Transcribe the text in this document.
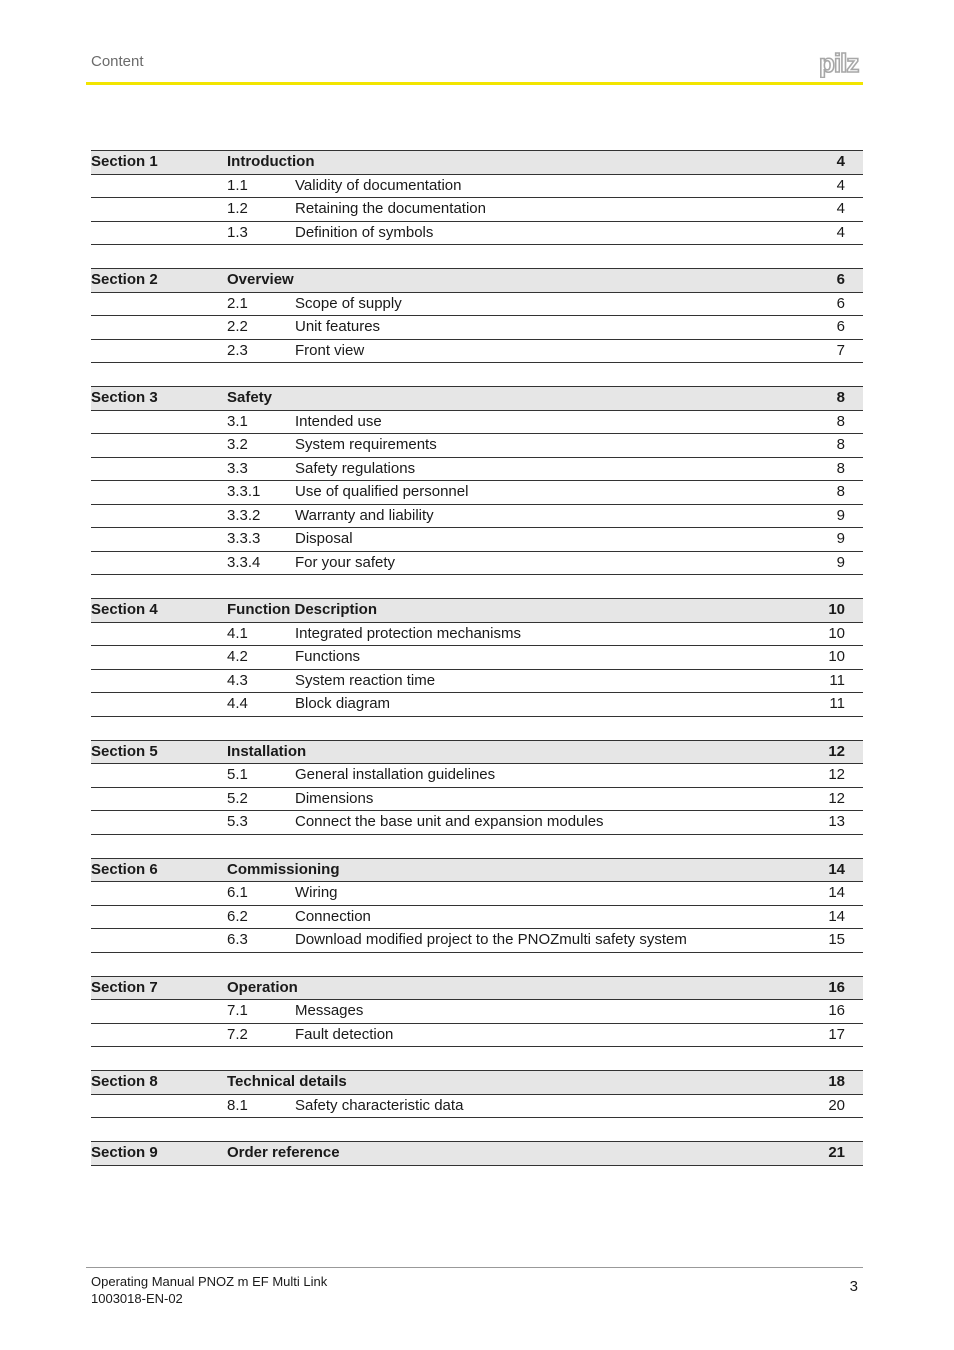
Content	pilz
Section 1	Introduction	4
1.1	Validity of documentation	4
1.2	Retaining the documentation	4
1.3	Definition of symbols	4
Section 2	Overview	6
2.1	Scope of supply	6
2.2	Unit features	6
2.3	Front view	7
Section 3	Safety	8
3.1	Intended use	8
3.2	System requirements	8
3.3	Safety regulations	8
3.3.1 Use of qualified personnel	8
3.3.2 Warranty and liability	9
3.3.3 Disposal	9
3.3.4 For your safety	9
Section 4	Function Description	10
4.1	Integrated protection mechanisms	10
4.2	Functions	10
4.3	System reaction time	11
4.4	Block diagram	11
Section 5	Installation	12
5.1	General installation guidelines	12
5.2	Dimensions	12
5.3	Connect the base unit and expansion modules	13
Section 6	Commissioning	14
6.1	Wiring	14
6.2	Connection	14
6.3	Download modified project to the PNOZmulti safety system	15
Section 7	Operation	16
7.1	Messages	16
7.2	Fault detection	17
Section 8	Technical details	18
8.1	Safety characteristic data	20
Section 9	Order reference	21
Operating Manual PNOZ m EF Multi Link
1003018-EN-02
3
